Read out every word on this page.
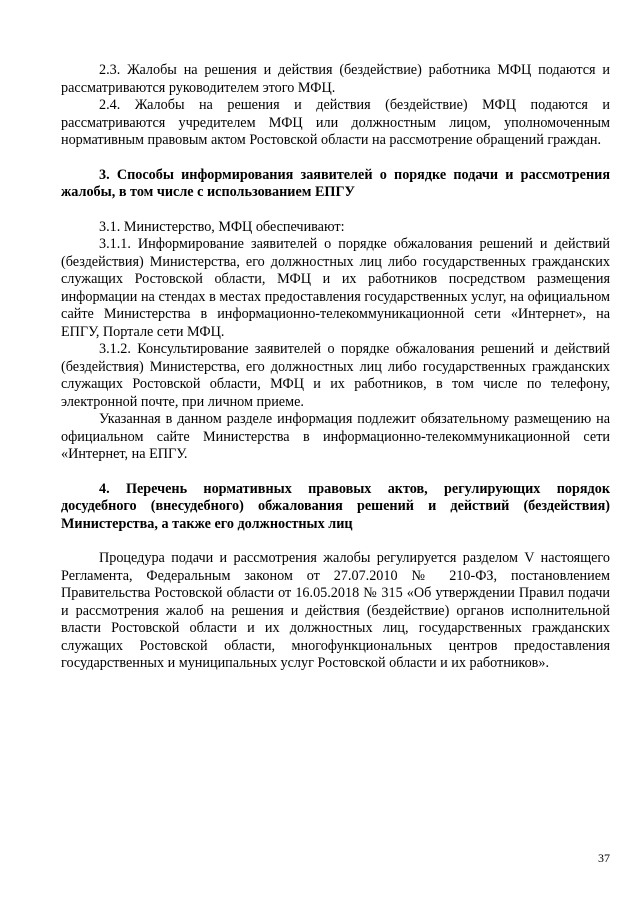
2.3. Жалобы на решения и действия (бездействие) работника МФЦ подаются и рассматриваются руководителем этого МФЦ.

2.4. Жалобы на решения и действия (бездействие) МФЦ подаются и рассматриваются учредителем МФЦ или должностным лицом, уполномоченным нормативным правовым актом Ростовской области на рассмотрение обращений граждан.

3. Способы информирования заявителей о порядке подачи и рассмотрения жалобы, в том числе с использованием ЕПГУ

3.1. Министерство, МФЦ обеспечивают:

3.1.1. Информирование заявителей о порядке обжалования решений и действий (бездействия) Министерства, его должностных лиц либо государственных гражданских служащих Ростовской области, МФЦ и их работников посредством размещения информации на стендах в местах предоставления государственных услуг, на официальном сайте Министерства в информационно-телекоммуникационной сети «Интернет», на ЕПГУ, Портале сети МФЦ.

3.1.2. Консультирование заявителей о порядке обжалования решений и действий (бездействия) Министерства, его должностных лиц либо государственных гражданских служащих Ростовской области, МФЦ и их работников, в том числе по телефону, электронной почте, при личном приеме.

Указанная в данном разделе информация подлежит обязательному размещению на официальном сайте Министерства в информационно-телекоммуникационной сети «Интернет, на ЕПГУ.

4. Перечень нормативных правовых актов, регулирующих порядок досудебного (внесудебного) обжалования решений и действий (бездействия) Министерства, а также его должностных лиц

Процедура подачи и рассмотрения жалобы регулируется разделом V настоящего Регламента, Федеральным законом от 27.07.2010 № 210-ФЗ, постановлением Правительства Ростовской области от 16.05.2018 № 315 «Об утверждении Правил подачи и рассмотрения жалоб на решения и действия (бездействие) органов исполнительной власти Ростовской области и их должностных лиц, государственных гражданских служащих Ростовской области, многофункциональных центров предоставления государственных и муниципальных услуг Ростовской области и их работников».

37
